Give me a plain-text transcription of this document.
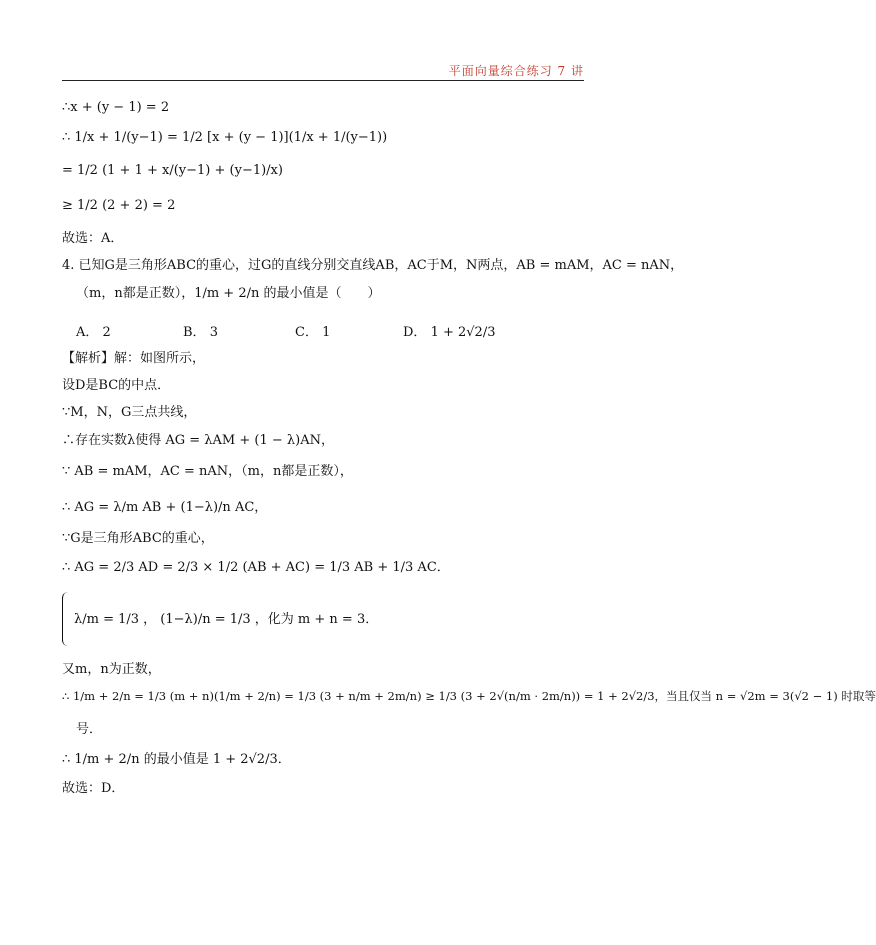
平面向量综合练习 7 讲
∴x + (y − 1) = 2
∴ 1/x + 1/(y−1) = 1/2 [x + (y − 1)](1/x + 1/(y−1))
= 1/2 (1 + 1 + x/(y−1) + (y−1)/x)
≥ 1/2 (2 + 2) = 2
故选：A．
4. 已知G是三角形ABC的重心，过G的直线分别交直线AB，AC于M，N两点，AB = mAM，AC = nAN，
（m，n都是正数），1/m + 2/n 的最小值是（　　）
A． 2	B． 3	C． 1	D． 1 + 2√2/3
【解析】解：如图所示，
设D是BC的中点．
∵M，N，G三点共线，
∴存在实数λ使得 AG = λAM + (1 − λ)AN，
∵ AB = mAM，AC = nAN，（m，n都是正数），
∴ AG = λ/m AB + (1−λ)/n AC，
∵G是三角形ABC的重心，
∴ AG = 2/3 AD = 2/3 × 1/2 (AB + AC) = 1/3 AB + 1/3 AC．
λ/m = 1/3 ， (1−λ)/n = 1/3 ，化为 m + n = 3．
又m，n为正数，
∴ 1/m + 2/n = 1/3 (m + n)(1/m + 2/n) = 1/3 (3 + n/m + 2m/n) ≥ 1/3 (3 + 2√(n/m · 2m/n)) = 1 + 2√2/3，当且仅当 n = √2m = 3(√2 − 1) 时取等
号．
∴ 1/m + 2/n 的最小值是 1 + 2√2/3．
故选：D．
